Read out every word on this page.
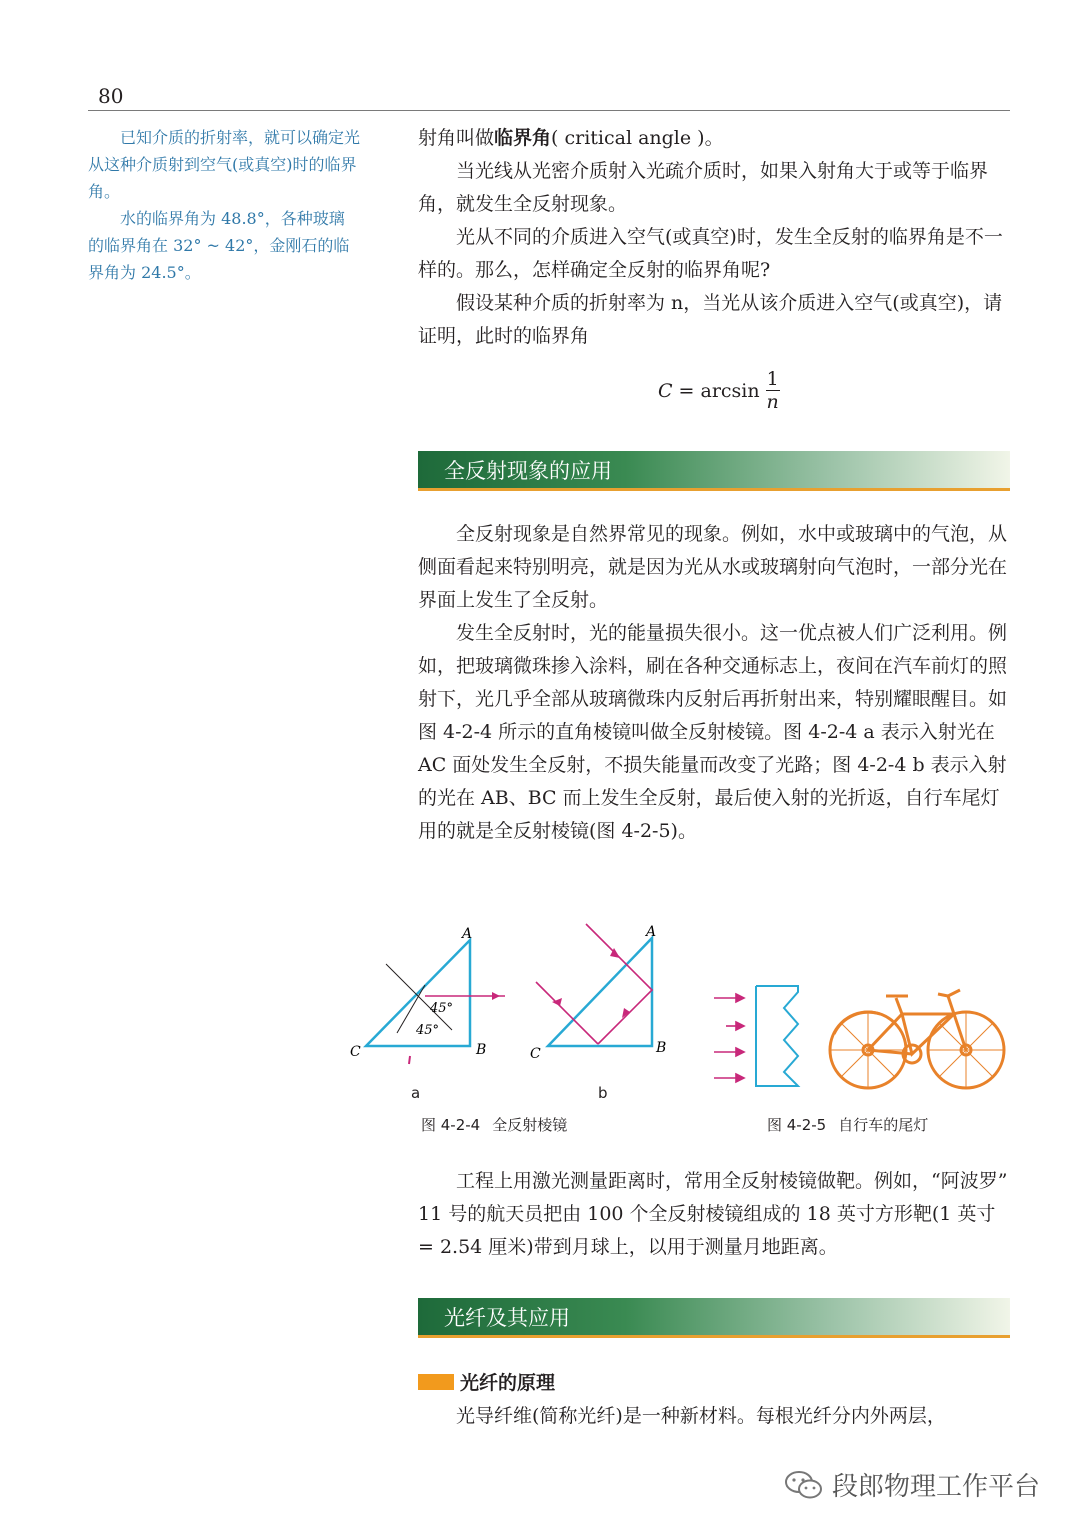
80

已知介质的折射率，就可以确定光从这种介质射到空气(或真空)时的临界角。

水的临界角为 48.8°，各种玻璃的临界角在 32° ~ 42°，金刚石的临界角为 24.5°。

射角叫做临界角( critical angle )。

当光线从光密介质射入光疏介质时，如果入射角大于或等于临界角，就发生全反射现象。

光从不同的介质进入空气(或真空)时，发生全反射的临界角是不一样的。那么，怎样确定全反射的临界角呢?

假设某种介质的折射率为 n，当光从该介质进入空气(或真空)，请证明，此时的临界角

$C = \arcsin \frac{1}{n}$
全反射现象的应用

全反射现象是自然界常见的现象。例如，水中或玻璃中的气泡，从侧面看起来特别明亮，就是因为光从水或玻璃射向气泡时，一部分光在界面上发生了全反射。

发生全反射时，光的能量损失很小。这一优点被人们广泛利用。例如，把玻璃微珠掺入涂料，刷在各种交通标志上，夜间在汽车前灯的照射下，光几乎全部从玻璃微珠内反射后再折射出来，特别耀眼醒目。如图 4-2-4 所示的直角棱镜叫做全反射棱镜。图 4-2-4 a 表示入射光在 AC 面处发生全反射，不损失能量而改变了光路；图 4-2-4 b 表示入射的光在 AB、BC 而上发生全反射，最后使入射的光折返，自行车尾灯用的就是全反射棱镜(图 4-2-5)。

45°
45°
A
B
C
a
A
B
C
b
图 4-2-4 全反射棱镜	图 4-2-5 自行车的尾灯

工程上用激光测量距离时，常用全反射棱镜做靶。例如，“阿波罗” 11 号的航天员把由 100 个全反射棱镜组成的 18 英寸方形靶(1 英寸 = 2.54 厘米)带到月球上，以用于测量月地距离。

光纤及其应用
光纤的原理

光导纤维(简称光纤)是一种新材料。每根光纤分内外两层，

段郎物理工作平台
